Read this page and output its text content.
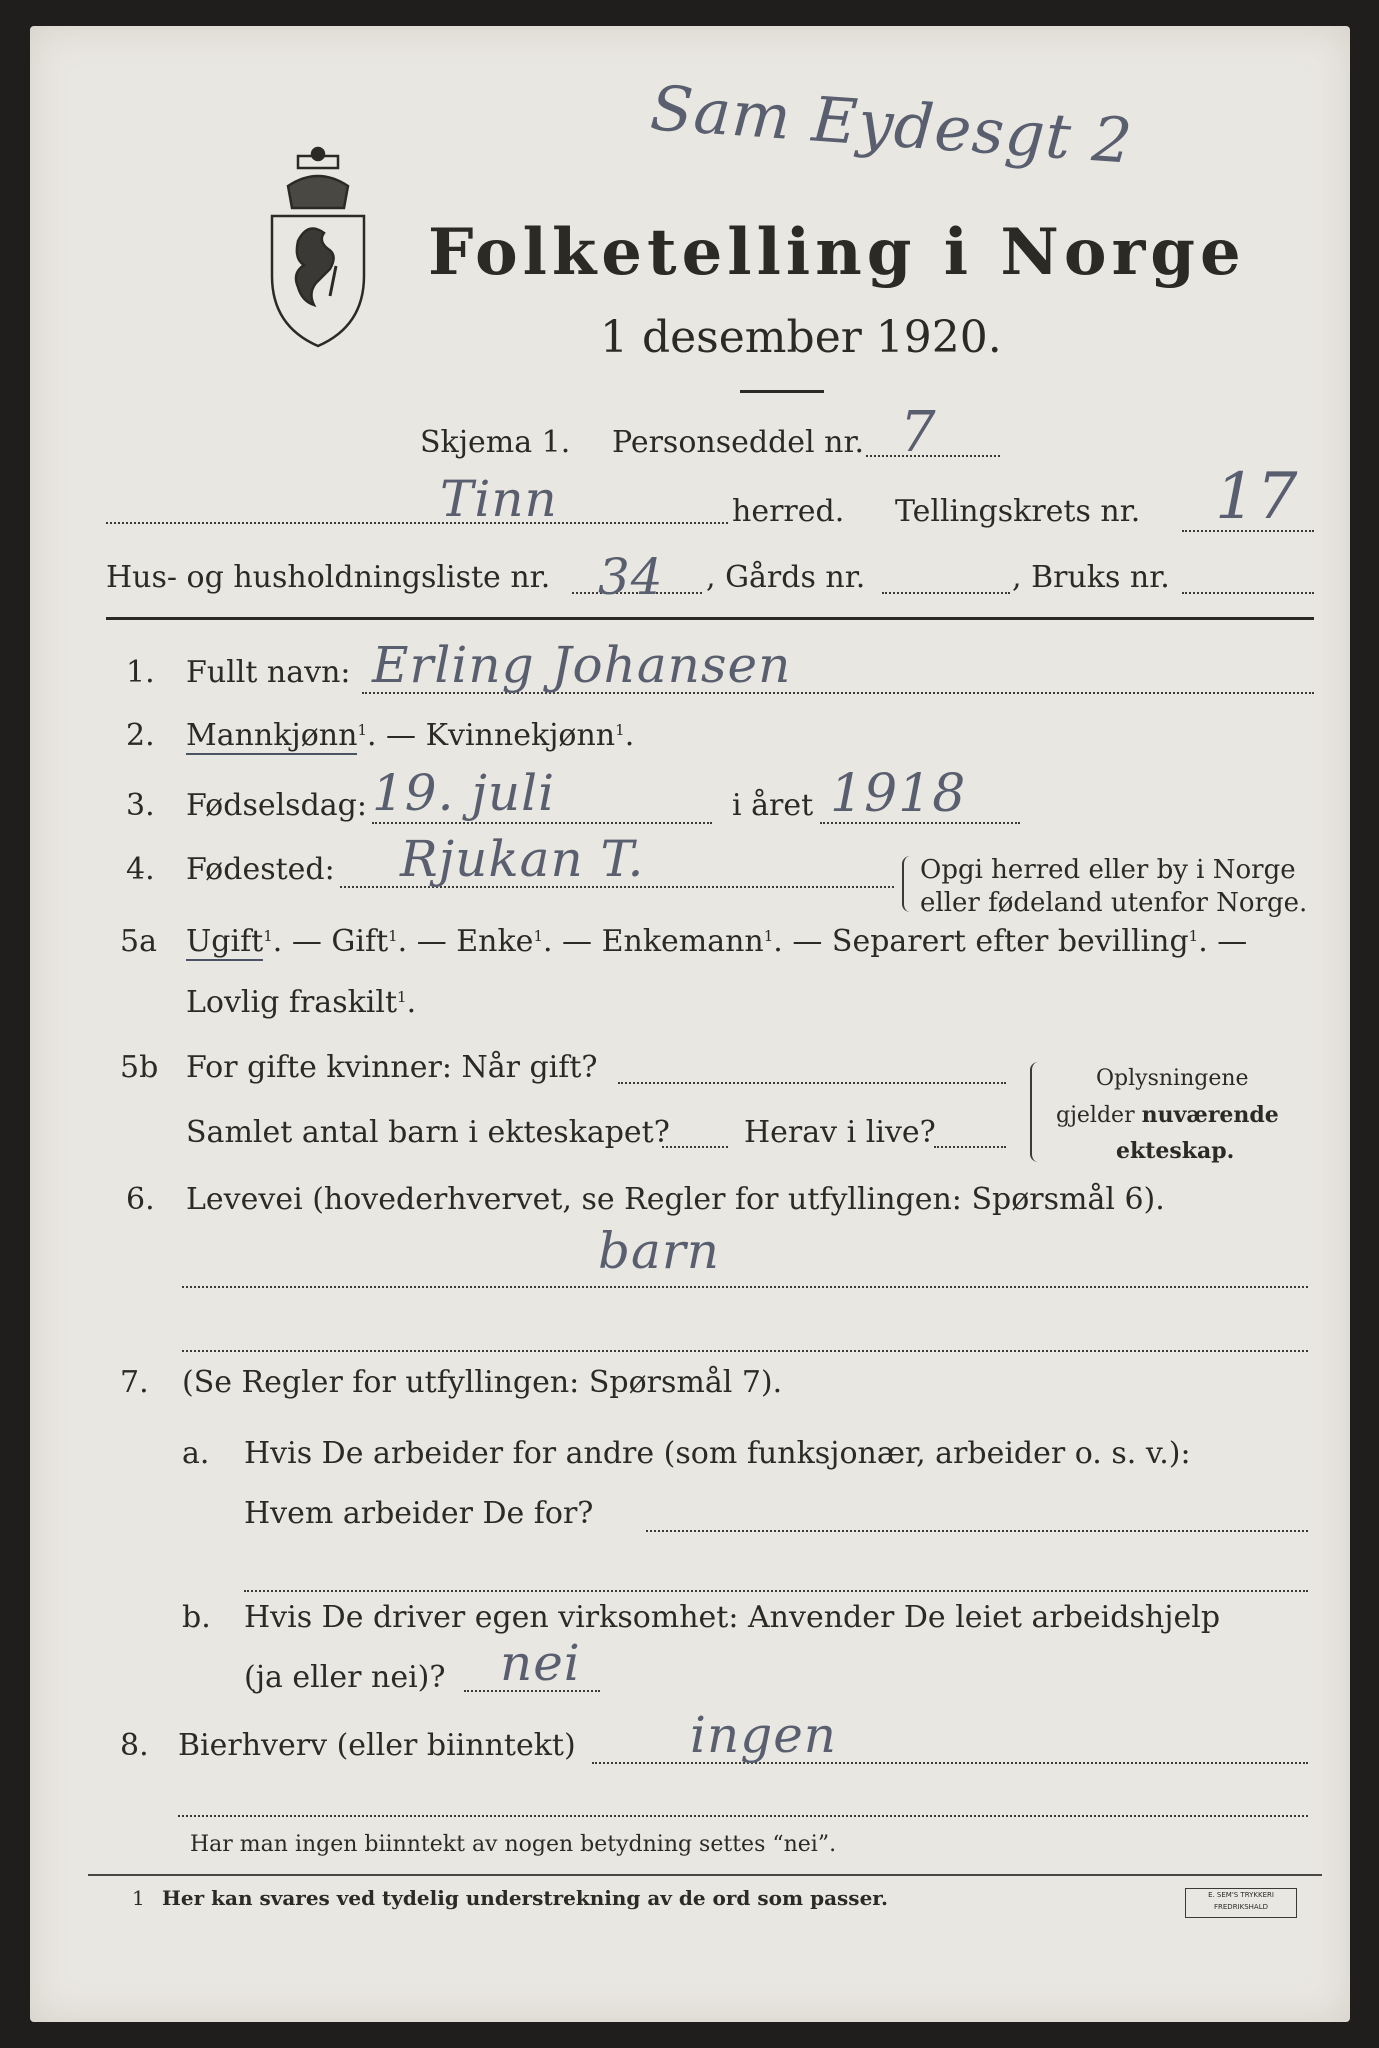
Sam Eydesgt 2
Folketelling i Norge
1 desember 1920.
Skjema 1. Personseddel nr. 7
Tinn	herred. Tellingskrets nr. 17
Hus- og husholdningsliste nr. 34 , Gårds nr.	, Bruks nr.
1. Fullt navn: Erling Johansen
2. Mannkjønn$^1$. — Kvinnekjønn$^1$.
3. Fødselsdag: 19. juli	i året 1918
4. Fødested: Rjukan T.	Opgi herred eller by i Norge
eller fødeland utenfor Norge.
5a Ugift$^1$. — Gift$^1$. — Enke$^1$. — Enkemann$^1$. — Separert efter bevilling$^1$. —
Lovlig fraskilt$^1$.
5b For gifte kvinner: Når gift?
Samlet antal barn i ekteskapet? Herav i live?
Oplysningene
gjelder nuværende
ekteskap.
6. Levevei (hovederhvervet, se Regler for utfyllingen: Spørsmål 6).
barn
7. (Se Regler for utfyllingen: Spørsmål 7).
a. Hvis De arbeider for andre (som funksjonær, arbeider o. s. v.):
Hvem arbeider De for?
b. Hvis De driver egen virksomhet: Anvender De leiet arbeidshjelp
(ja eller nei)? nei
8. Bierhverv (eller biinntekt) ingen
Har man ingen biinntekt av nogen betydning settes “nei”.
1 Her kan svares ved tydelig understrekning av de ord som passer.	E. SEM'S TRYKKERI
FREDRIKSHALD
